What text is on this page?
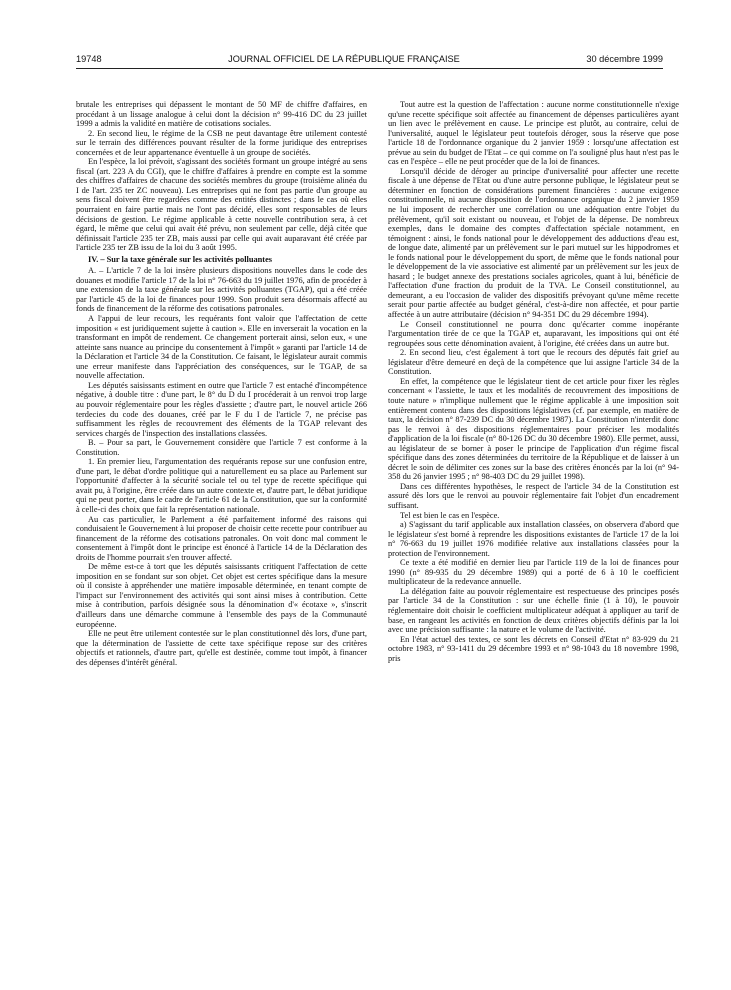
19748	JOURNAL OFFICIEL DE LA RÉPUBLIQUE FRANÇAISE	30 décembre 1999

brutale les entreprises qui dépassent le montant de 50 MF de chiffre d'affaires, en procédant à un lissage analogue à celui dont la décision n° 99-416 DC du 23 juillet 1999 a admis la validité en matière de cotisations sociales.

2. En second lieu, le régime de la CSB ne peut davantage être utilement contesté sur le terrain des différences pouvant résulter de la forme juridique des entreprises concernées et de leur appartenance éventuelle à un groupe de sociétés.

En l'espèce, la loi prévoit, s'agissant des sociétés formant un groupe intégré au sens fiscal (art. 223 A du CGI), que le chiffre d'affaires à prendre en compte est la somme des chiffres d'affaires de chacune des sociétés membres du groupe (troisième alinéa du I de l'art. 235 ter ZC nouveau). Les entreprises qui ne font pas partie d'un groupe au sens fiscal doivent être regardées comme des entités distinctes ; dans le cas où elles pourraient en faire partie mais ne l'ont pas décidé, elles sont responsables de leurs décisions de gestion. Le régime applicable à cette nouvelle contribution sera, à cet égard, le même que celui qui avait été prévu, non seulement par celle, déjà citée que définissait l'article 235 ter ZB, mais aussi par celle qui avait auparavant été créée par l'article 235 ter ZB issu de la loi du 3 août 1995.

IV. – Sur la taxe générale sur les activités polluantes

A. – L'article 7 de la loi insère plusieurs dispositions nouvelles dans le code des douanes et modifie l'article 17 de la loi n° 76-663 du 19 juillet 1976, afin de procéder à une extension de la taxe générale sur les activités polluantes (TGAP), qui a été créée par l'article 45 de la loi de finances pour 1999. Son produit sera désormais affecté au fonds de financement de la réforme des cotisations patronales.

A l'appui de leur recours, les requérants font valoir que l'affectation de cette imposition « est juridiquement sujette à caution ». Elle en inverserait la vocation en la transformant en impôt de rendement. Ce changement porterait ainsi, selon eux, « une atteinte sans nuance au principe du consentement à l'impôt » garanti par l'article 14 de la Déclaration et l'article 34 de la Constitution. Ce faisant, le législateur aurait commis une erreur manifeste dans l'appréciation des conséquences, sur le TGAP, de sa nouvelle affectation.

Les députés saisissants estiment en outre que l'article 7 est entaché d'incompétence négative, à double titre : d'une part, le 8° du D du I procéderait à un renvoi trop large au pouvoir réglementaire pour les règles d'assiette ; d'autre part, le nouvel article 266 terdecies du code des douanes, créé par le F du I de l'article 7, ne précise pas suffisamment les règles de recouvrement des éléments de la TGAP relevant des services chargés de l'inspection des installations classées.

B. – Pour sa part, le Gouvernement considère que l'article 7 est conforme à la Constitution.

1. En premier lieu, l'argumentation des requérants repose sur une confusion entre, d'une part, le débat d'ordre politique qui a naturellement eu sa place au Parlement sur l'opportunité d'affecter à la sécurité sociale tel ou tel type de recette spécifique qui avait pu, à l'origine, être créée dans un autre contexte et, d'autre part, le débat juridique qui ne peut porter, dans le cadre de l'article 61 de la Constitution, que sur la conformité à celle-ci des choix que fait la représentation nationale.

Au cas particulier, le Parlement a été parfaitement informé des raisons qui conduisaient le Gouvernement à lui proposer de choisir cette recette pour contribuer au financement de la réforme des cotisations patronales. On voit donc mal comment le consentement à l'impôt dont le principe est énoncé à l'article 14 de la Déclaration des droits de l'homme pourrait s'en trouver affecté.

De même est-ce à tort que les députés saisissants critiquent l'affectation de cette imposition en se fondant sur son objet. Cet objet est certes spécifique dans la mesure où il consiste à appréhender une matière imposable déterminée, en tenant compte de l'impact sur l'environnement des activités qui sont ainsi mises à contribution. Cette mise à contribution, parfois désignée sous la dénomination d'« écotaxe », s'inscrit d'ailleurs dans une démarche commune à l'ensemble des pays de la Communauté européenne.

Elle ne peut être utilement contestée sur le plan constitutionnel dès lors, d'une part, que la détermination de l'assiette de cette taxe spécifique repose sur des critères objectifs et rationnels, d'autre part, qu'elle est destinée, comme tout impôt, à financer des dépenses d'intérêt général.

Tout autre est la question de l'affectation : aucune norme constitutionnelle n'exige qu'une recette spécifique soit affectée au financement de dépenses particulières ayant un lien avec le prélèvement en cause. Le principe est plutôt, au contraire, celui de l'universalité, auquel le législateur peut toutefois déroger, sous la réserve que pose l'article 18 de l'ordonnance organique du 2 janvier 1959 : lorsqu'une affectation est prévue au sein du budget de l'Etat – ce qui comme on l'a souligné plus haut n'est pas le cas en l'espèce – elle ne peut procéder que de la loi de finances.

Lorsqu'il décide de déroger au principe d'universalité pour affecter une recette fiscale à une dépense de l'Etat ou d'une autre personne publique, le législateur peut se déterminer en fonction de considérations purement financières : aucune exigence constitutionnelle, ni aucune disposition de l'ordonnance organique du 2 janvier 1959 ne lui imposent de rechercher une corrélation ou une adéquation entre l'objet du prélèvement, qu'il soit existant ou nouveau, et l'objet de la dépense. De nombreux exemples, dans le domaine des comptes d'affectation spéciale notamment, en témoignent : ainsi, le fonds national pour le développement des adductions d'eau est, de longue date, alimenté par un prélèvement sur le pari mutuel sur les hippodromes et le fonds national pour le développement du sport, de même que le fonds national pour le développement de la vie associative est alimenté par un prélèvement sur les jeux de hasard ; le budget annexe des prestations sociales agricoles, quant à lui, bénéficie de l'affectation d'une fraction du produit de la TVA. Le Conseil constitutionnel, au demeurant, a eu l'occasion de valider des dispositifs prévoyant qu'une même recette serait pour partie affectée au budget général, c'est-à-dire non affectée, et pour partie affectée à un autre attributaire (décision n° 94-351 DC du 29 décembre 1994).

Le Conseil constitutionnel ne pourra donc qu'écarter comme inopérante l'argumentation tirée de ce que la TGAP et, auparavant, les impositions qui ont été regroupées sous cette dénomination avaient, à l'origine, été créées dans un autre but.

2. En second lieu, c'est également à tort que le recours des députés fait grief au législateur d'être demeuré en deçà de la compétence que lui assigne l'article 34 de la Constitution.

En effet, la compétence que le législateur tient de cet article pour fixer les règles concernant « l'assiette, le taux et les modalités de recouvrement des impositions de toute nature » n'implique nullement que le régime applicable à une imposition soit entièrement contenu dans des dispositions législatives (cf. par exemple, en matière de taux, la décision n° 87-239 DC du 30 décembre 1987). La Constitution n'interdit donc pas le renvoi à des dispositions réglementaires pour préciser les modalités d'application de la loi fiscale (n° 80-126 DC du 30 décembre 1980). Elle permet, aussi, au législateur de se borner à poser le principe de l'application d'un régime fiscal spécifique dans des zones déterminées du territoire de la République et de laisser à un décret le soin de délimiter ces zones sur la base des critères énoncés par la loi (n° 94-358 du 26 janvier 1995 ; n° 98-403 DC du 29 juillet 1998).

Dans ces différentes hypothèses, le respect de l'article 34 de la Constitution est assuré dès lors que le renvoi au pouvoir réglementaire fait l'objet d'un encadrement suffisant.

Tel est bien le cas en l'espèce.

a) S'agissant du tarif applicable aux installation classées, on observera d'abord que le législateur s'est borné à reprendre les dispositions existantes de l'article 17 de la loi n° 76-663 du 19 juillet 1976 modifiée relative aux installations classées pour la protection de l'environnement.

Ce texte a été modifié en dernier lieu par l'article 119 de la loi de finances pour 1990 (n° 89-935 du 29 décembre 1989) qui a porté de 6 à 10 le coefficient multiplicateur de la redevance annuelle.

La délégation faite au pouvoir réglementaire est respectueuse des principes posés par l'article 34 de la Constitution : sur une échelle finie (1 à 10), le pouvoir réglementaire doit choisir le coefficient multiplicateur adéquat à appliquer au tarif de base, en rangeant les activités en fonction de deux critères objectifs définis par la loi avec une précision suffisante : la nature et le volume de l'activité.

En l'état actuel des textes, ce sont les décrets en Conseil d'Etat n° 83-929 du 21 octobre 1983, n° 93-1411 du 29 décembre 1993 et n° 98-1043 du 18 novembre 1998, pris
